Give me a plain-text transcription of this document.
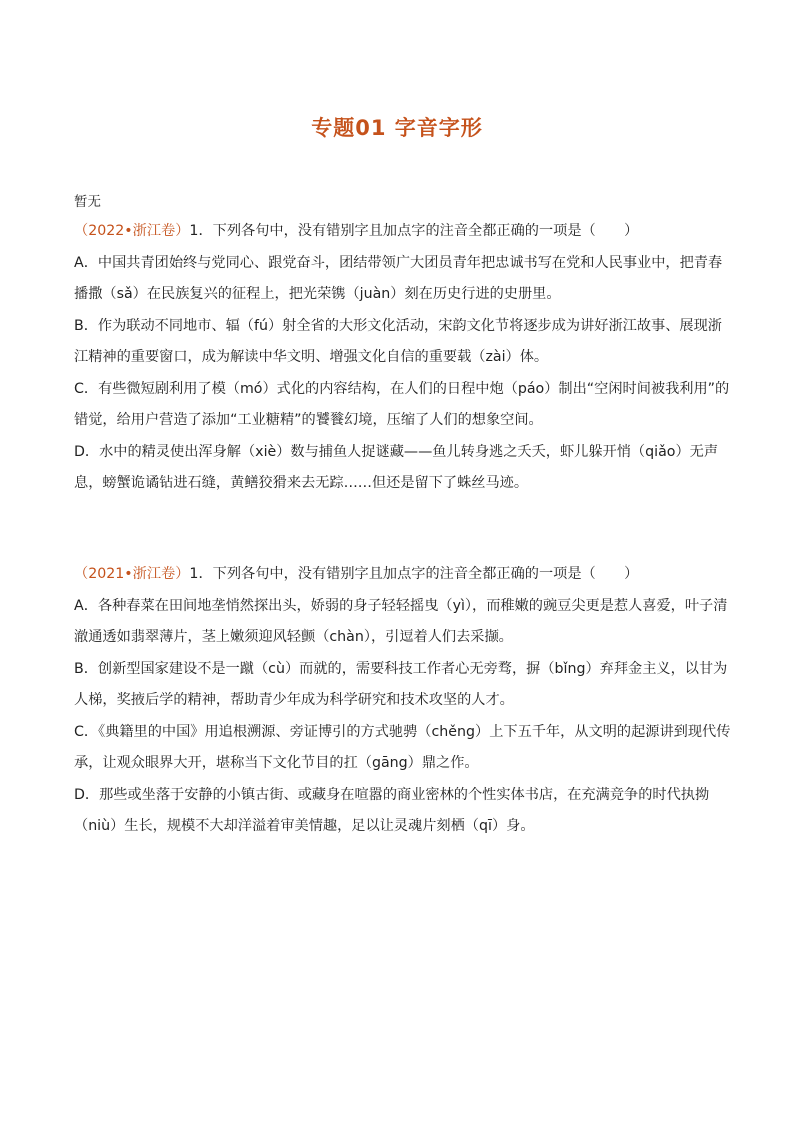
专题01 字音字形
暂无
（2022•浙江卷）1．下列各句中，没有错别字且加点字的注音全都正确的一项是（　　）

A．中国共青团始终与党同心、跟党奋斗，团结带领广大团员青年把忠诚书写在党和人民事业中，把青春播撒（sǎ）在民族复兴的征程上，把光荣镌（juàn）刻在历史行进的史册里。

B．作为联动不同地市、辐（fú）射全省的大形文化活动，宋韵文化节将逐步成为讲好浙江故事、展现浙江精神的重要窗口，成为解读中华文明、增强文化自信的重要载（zài）体。

C．有些微短剧利用了模（mó）式化的内容结构，在人们的日程中炮（páo）制出“空闲时间被我利用”的错觉，给用户营造了添加“工业糖精”的饕餮幻境，压缩了人们的想象空间。

D．水中的精灵使出浑身解（xiè）数与捕鱼人捉谜藏——鱼儿转身逃之夭夭，虾儿躲开悄（qiǎo）无声息，螃蟹诡谲钻进石缝，黄鳝狡猾来去无踪……但还是留下了蛛丝马迹。

（2021•浙江卷）1．下列各句中，没有错别字且加点字的注音全都正确的一项是（　　）

A．各种春菜在田间地垄悄然探出头，娇弱的身子轻轻摇曳（yì），而稚嫩的豌豆尖更是惹人喜爱，叶子清澈通透如翡翠薄片，茎上嫩须迎风轻颤（chàn），引逗着人们去采撷。

B．创新型国家建设不是一蹴（cù）而就的，需要科技工作者心无旁骛，摒（bǐng）弃拜金主义，以甘为人梯，奖掖后学的精神，帮助青少年成为科学研究和技术攻坚的人才。

C．《典籍里的中国》用追根溯源、旁证博引的方式驰骋（chěng）上下五千年，从文明的起源讲到现代传承，让观众眼界大开，堪称当下文化节目的扛（gāng）鼎之作。

D．那些或坐落于安静的小镇古街、或藏身在喧嚣的商业密林的个性实体书店，在充满竞争的时代执拗（niù）生长，规模不大却洋溢着审美情趣，足以让灵魂片刻栖（qī）身。
